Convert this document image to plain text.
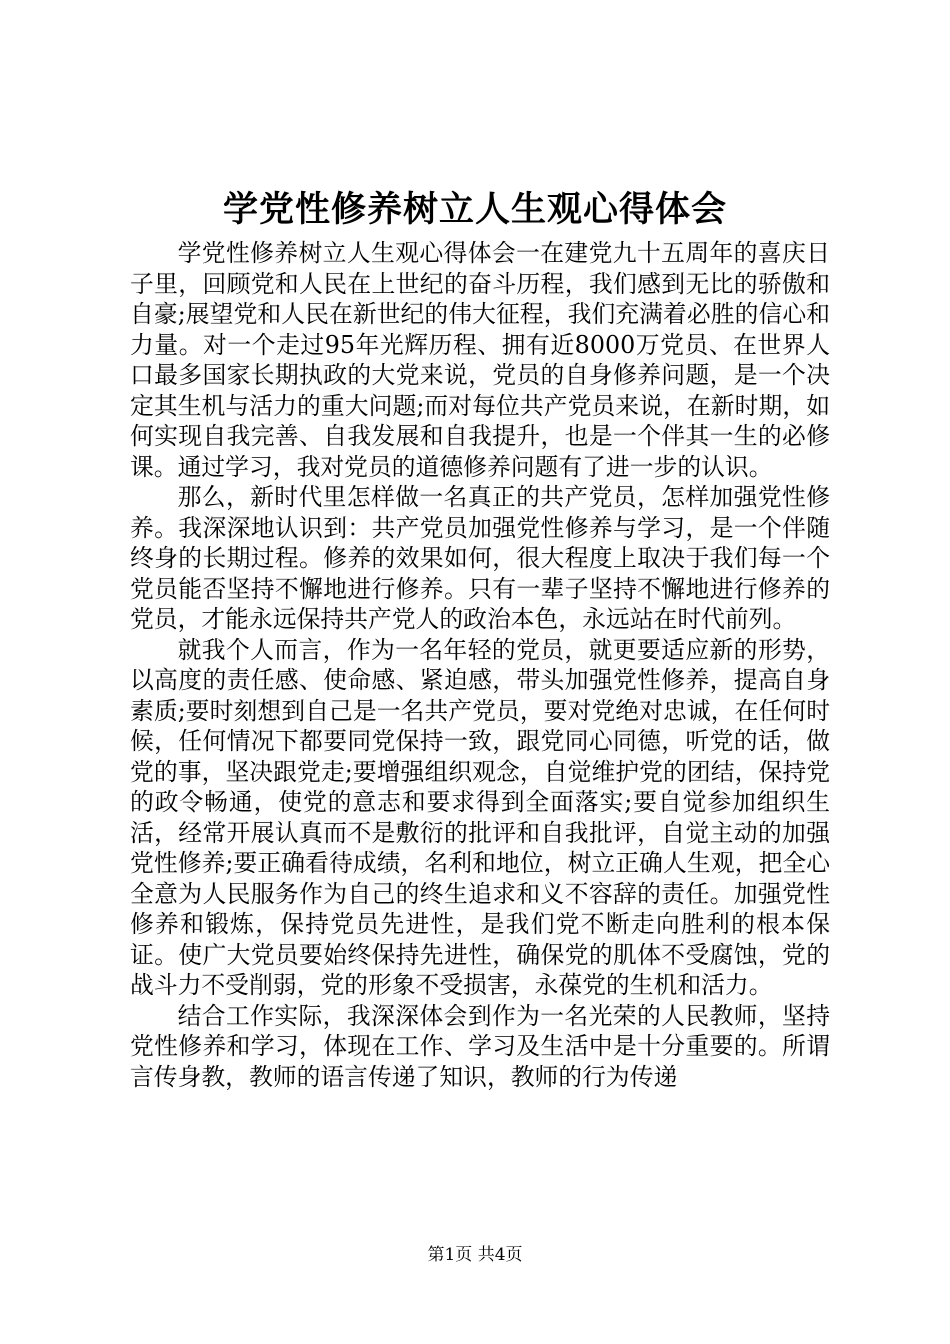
学党性修养树立人生观心得体会

学党性修养树立人生观心得体会一在建党九十五周年的喜庆日子里，回顾党和人民在上世纪的奋斗历程，我们感到无比的骄傲和自豪;展望党和人民在新世纪的伟大征程，我们充满着必胜的信心和力量。对一个走过95年光辉历程、拥有近8000万党员、在世界人口最多国家长期执政的大党来说，党员的自身修养问题，是一个决定其生机与活力的重大问题;而对每位共产党员来说，在新时期，如何实现自我完善、自我发展和自我提升，也是一个伴其一生的必修课。通过学习，我对党员的道德修养问题有了进一步的认识。

那么，新时代里怎样做一名真正的共产党员，怎样加强党性修养。我深深地认识到：共产党员加强党性修养与学习，是一个伴随终身的长期过程。修养的效果如何，很大程度上取决于我们每一个党员能否坚持不懈地进行修养。只有一辈子坚持不懈地进行修养的党员，才能永远保持共产党人的政治本色，永远站在时代前列。

就我个人而言，作为一名年轻的党员，就更要适应新的形势，以高度的责任感、使命感、紧迫感，带头加强党性修养，提高自身素质;要时刻想到自己是一名共产党员，要对党绝对忠诚，在任何时候，任何情况下都要同党保持一致，跟党同心同德，听党的话，做党的事，坚决跟党走;要增强组织观念，自觉维护党的团结，保持党的政令畅通，使党的意志和要求得到全面落实;要自觉参加组织生活，经常开展认真而不是敷衍的批评和自我批评，自觉主动的加强党性修养;要正确看待成绩，名利和地位，树立正确人生观，把全心全意为人民服务作为自己的终生追求和义不容辞的责任。加强党性修养和锻炼，保持党员先进性，是我们党不断走向胜利的根本保证。使广大党员要始终保持先进性，确保党的肌体不受腐蚀，党的战斗力不受削弱，党的形象不受损害，永葆党的生机和活力。

结合工作实际，我深深体会到作为一名光荣的人民教师，坚持党性修养和学习，体现在工作、学习及生活中是十分重要的。所谓言传身教，教师的语言传递了知识，教师的行为传递

第1页 共4页
